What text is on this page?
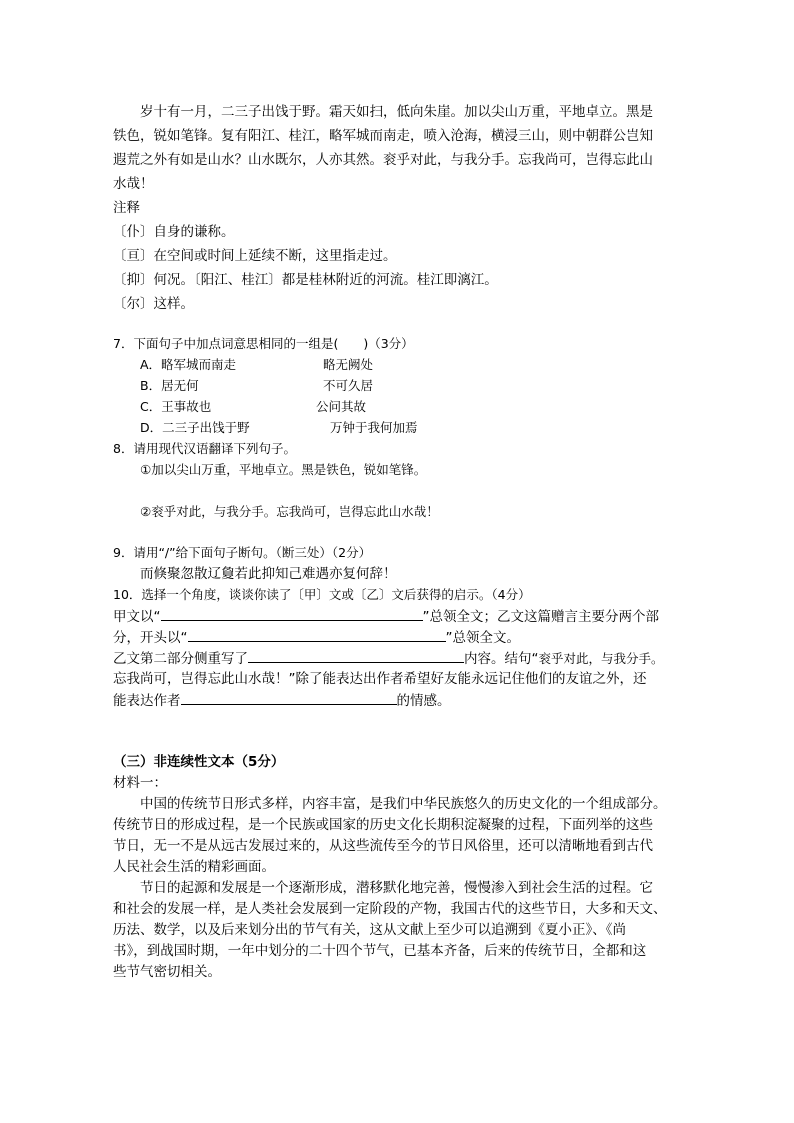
岁十有一月，二三子出饯于野。霜天如扫，低向朱崖。加以尖山万重，平地卓立。黑是
铁色，锐如笔锋。复有阳江、桂江，略军城而南走，喷入沧海，横浸三山，则中朝群公岂知
遐荒之外有如是山水？山水既尔，人亦其然。衮乎对此，与我分手。忘我尚可，岂得忘此山
水哉！
注释
〔仆〕自身的谦称。
〔亘〕在空间或时间上延续不断，这里指走过。
〔抑〕何况。〔阳江、桂江〕都是桂林附近的河流。桂江即漓江。
〔尔〕这样。
7．下面句子中加点词意思相同的一组是(　　)（3分）
A．略军城而南走	略无阙处
B．居无何	不可久居
C．王事故也	公问其故
D．二三子出饯于野	万钟于我何加焉
8．请用现代汉语翻译下列句子。
①加以尖山万重，平地卓立。黑是铁色，锐如笔锋。
②衮乎对此，与我分手。忘我尚可，岂得忘此山水哉！
9．请用“/”给下面句子断句。（断三处）（2分）
而倏聚忽散辽敻若此抑知己难遇亦复何辞！
10．选择一个角度，谈谈你读了〔甲〕文或〔乙〕文后获得的启示。（4分）
甲文以“	”总领全文；乙文这篇赠言主要分两个部
分，开头以“	”总领全文。
乙文第二部分侧重写了	内容。结句“衮乎对此，与我分手。
忘我尚可，岂得忘此山水哉！”除了能表达出作者希望好友能永远记住他们的友谊之外，还
能表达作者	的情感。
（三）非连续性文本（5分）
材料一：
中国的传统节日形式多样，内容丰富，是我们中华民族悠久的历史文化的一个组成部分。
传统节日的形成过程，是一个民族或国家的历史文化长期积淀凝聚的过程，下面列举的这些
节日，无一不是从远古发展过来的，从这些流传至今的节日风俗里，还可以清晰地看到古代
人民社会生活的精彩画面。
节日的起源和发展是一个逐渐形成，潜移默化地完善，慢慢渗入到社会生活的过程。它
和社会的发展一样，是人类社会发展到一定阶段的产物，我国古代的这些节日，大多和天文、
历法、数学，以及后来划分出的节气有关，这从文献上至少可以追溯到《夏小正》、《尚
书》，到战国时期，一年中划分的二十四个节气，已基本齐备，后来的传统节日，全都和这
些节气密切相关。
